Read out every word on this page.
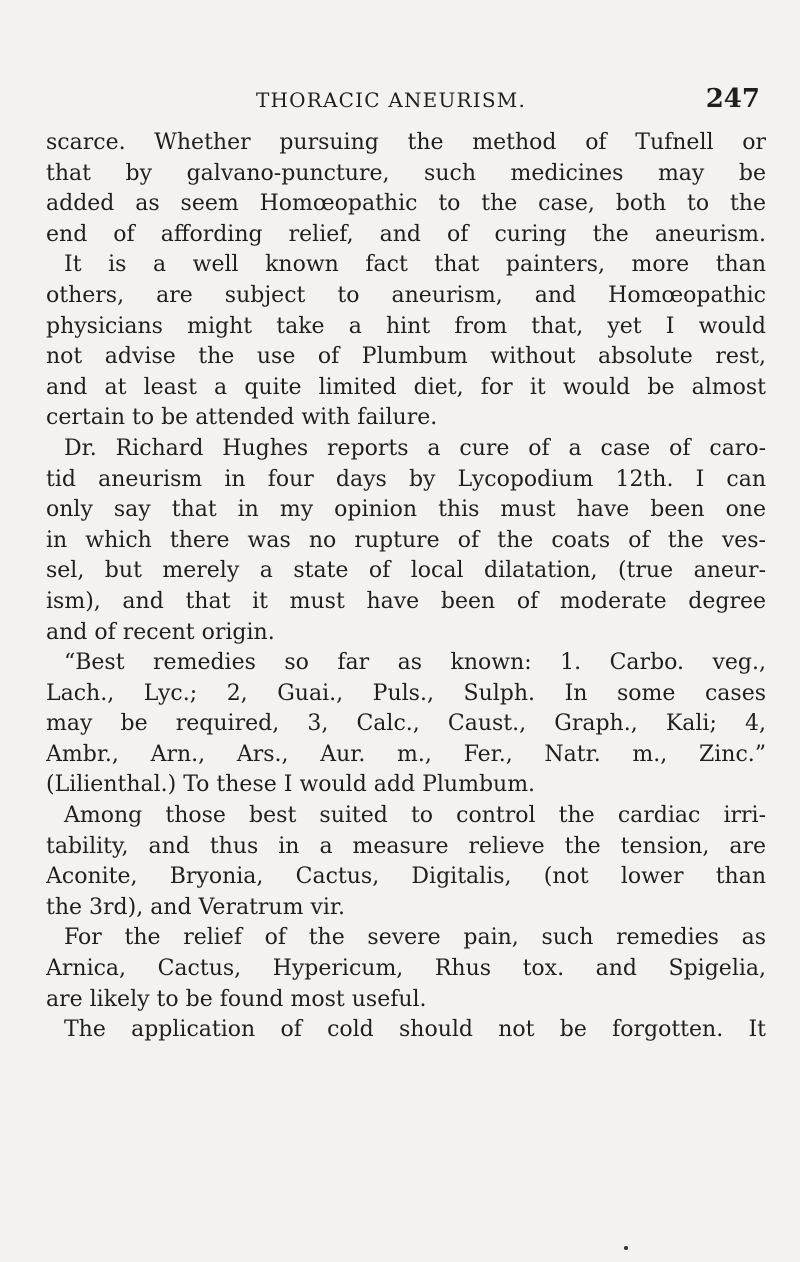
THORACIC ANEURISM.	247
scarce. Whether pursuing the method of Tufnell or
that by galvano-puncture, such medicines may be
added as seem Homœopathic to the case, both to the
end of affording relief, and of curing the aneurism.
It is a well known fact that painters, more than
others, are subject to aneurism, and Homœopathic
physicians might take a hint from that, yet I would
not advise the use of Plumbum without absolute rest,
and at least a quite limited diet, for it would be almost
certain to be attended with failure.
Dr. Richard Hughes reports a cure of a case of caro-
tid aneurism in four days by Lycopodium 12th. I can
only say that in my opinion this must have been one
in which there was no rupture of the coats of the ves-
sel, but merely a state of local dilatation, (true aneur-
ism), and that it must have been of moderate degree
and of recent origin.
“Best remedies so far as known: 1. Carbo. veg.,
Lach., Lyc.; 2, Guai., Puls., Sulph. In some cases
may be required, 3, Calc., Caust., Graph., Kali; 4,
Ambr., Arn., Ars., Aur. m., Fer., Natr. m., Zinc.”
(Lilienthal.) To these I would add Plumbum.
Among those best suited to control the cardiac irri-
tability, and thus in a measure relieve the tension, are
Aconite, Bryonia, Cactus, Digitalis, (not lower than
the 3rd), and Veratrum vir.
For the relief of the severe pain, such remedies as
Arnica, Cactus, Hypericum, Rhus tox. and Spigelia,
are likely to be found most useful.
The application of cold should not be forgotten. It
